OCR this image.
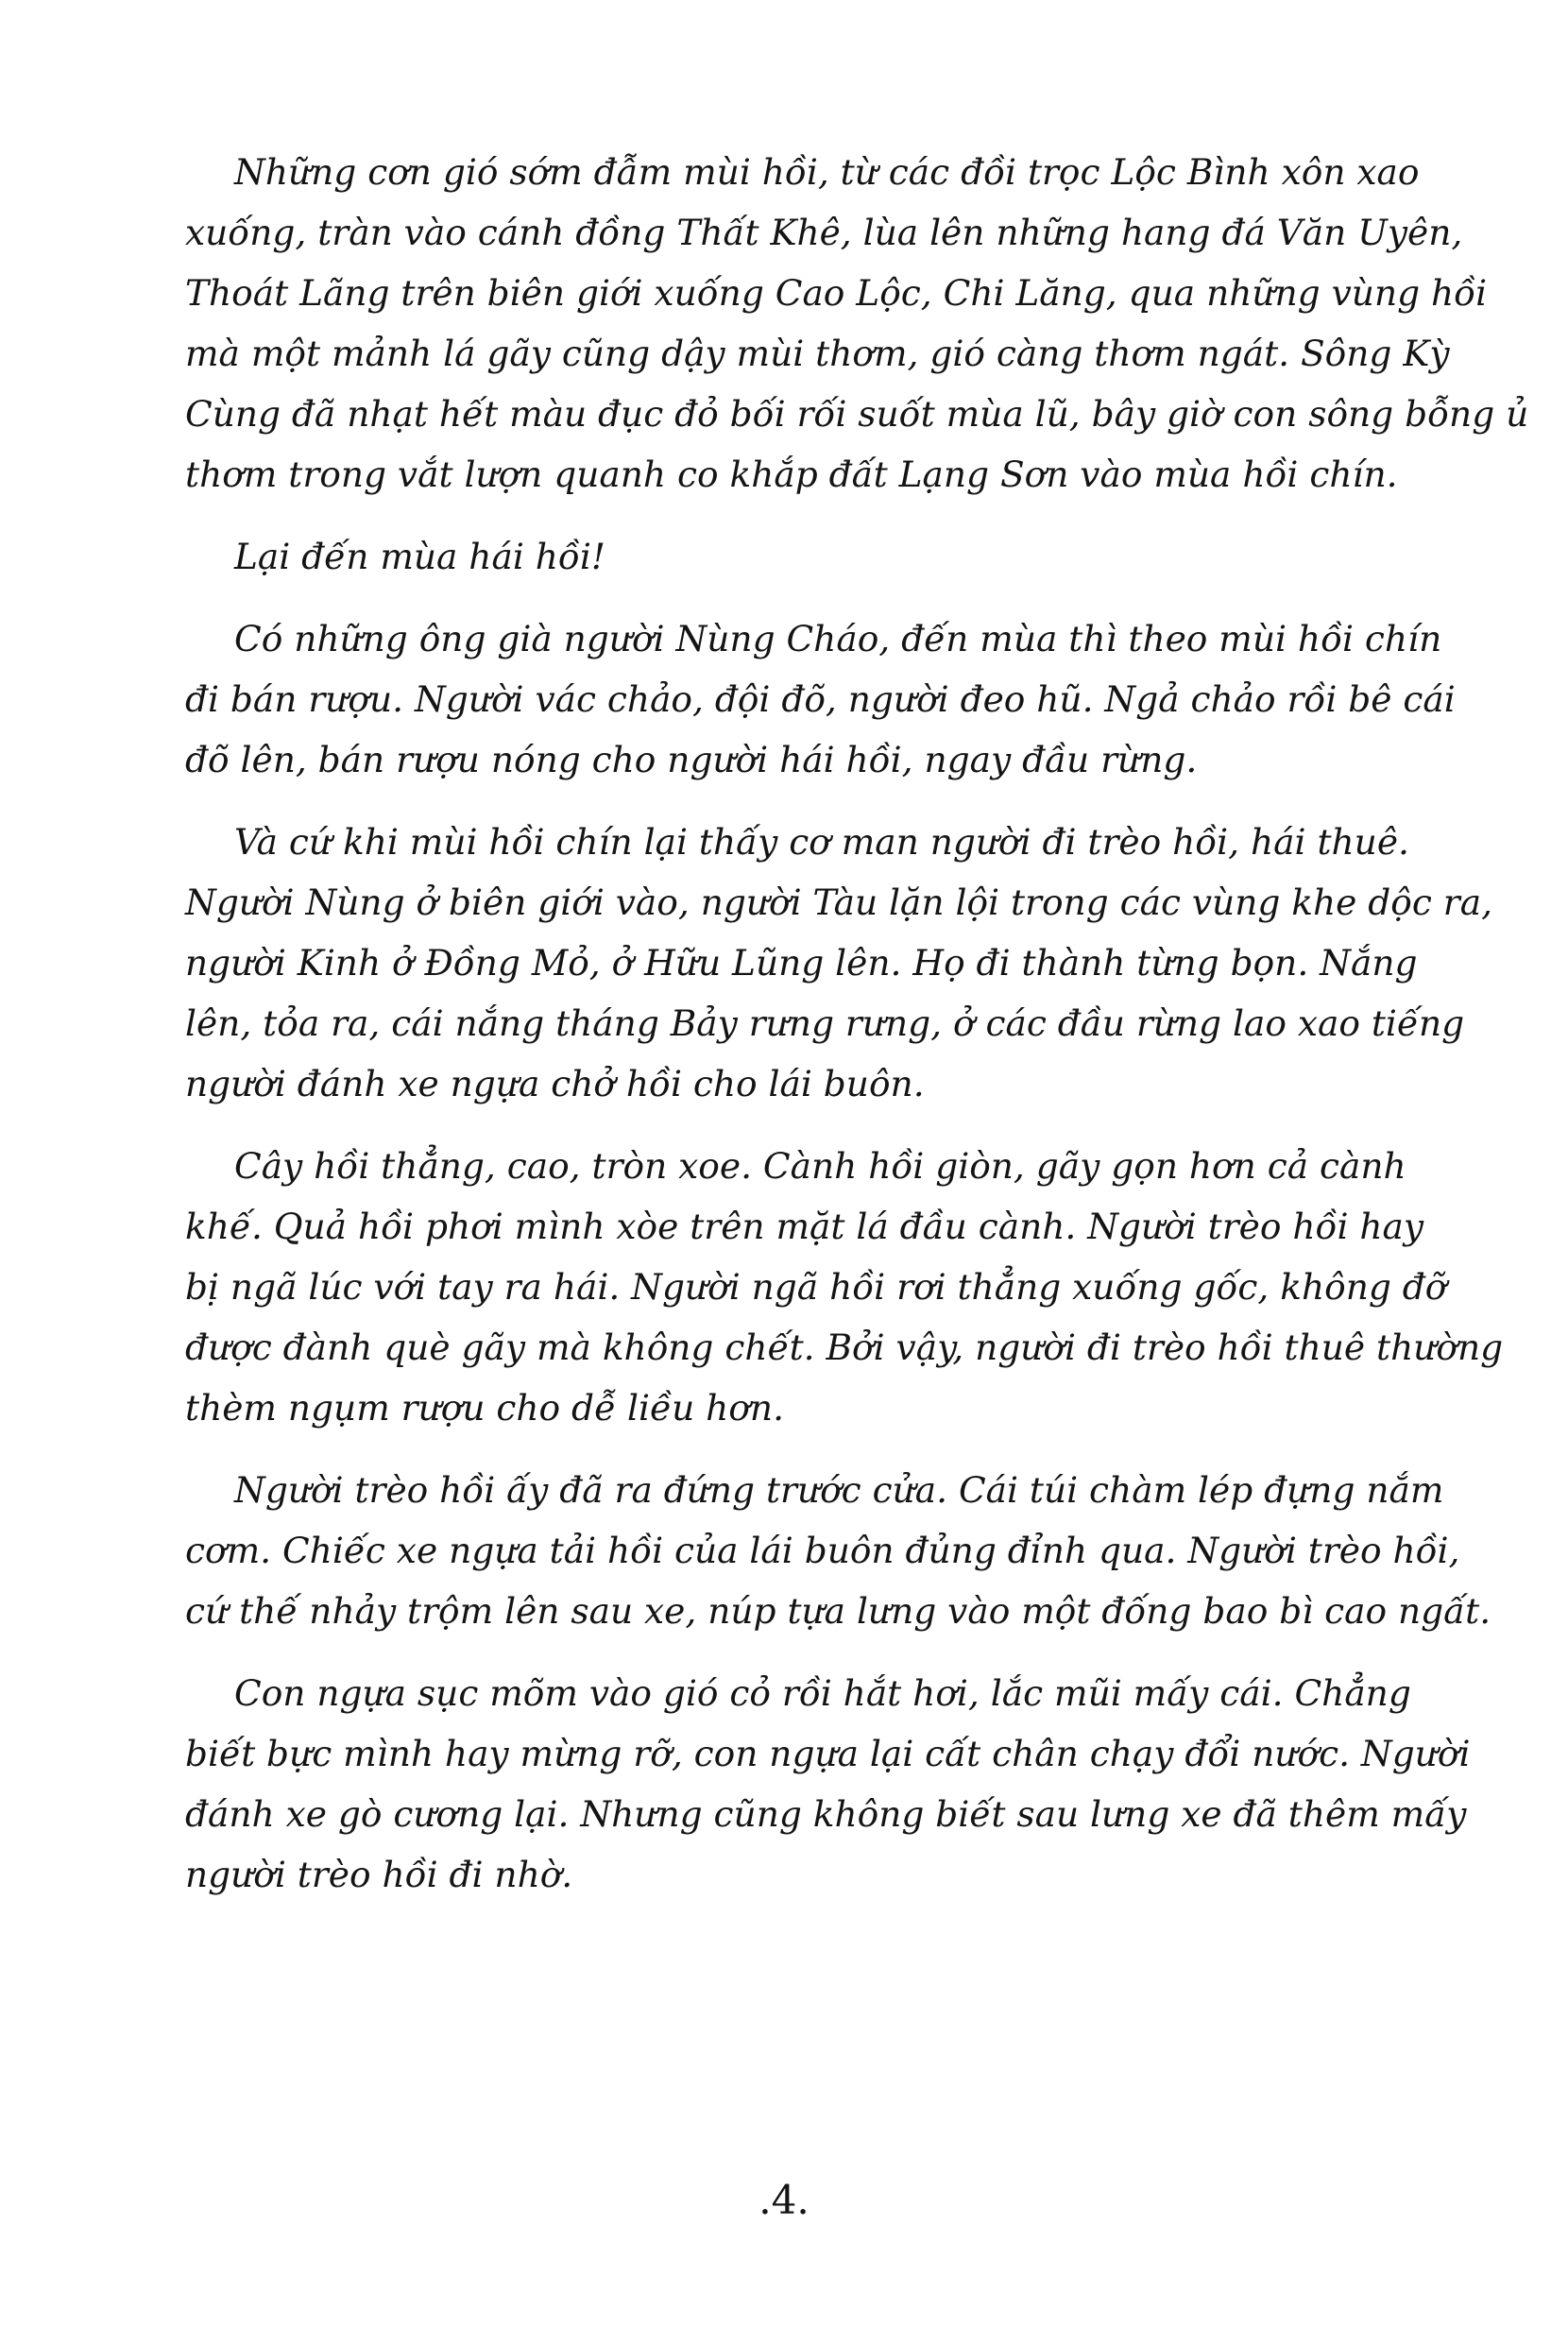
Những cơn gió sớm đẫm mùi hồi, từ các đồi trọc Lộc Bình xôn xao
xuống, tràn vào cánh đồng Thất Khê, lùa lên những hang đá Văn Uyên,
Thoát Lãng trên biên giới xuống Cao Lộc, Chi Lăng, qua những vùng hồi
mà một mảnh lá gãy cũng dậy mùi thơm, gió càng thơm ngát. Sông Kỳ
Cùng đã nhạt hết màu đục đỏ bối rối suốt mùa lũ, bây giờ con sông bỗng ủ
thơm trong vắt lượn quanh co khắp đất Lạng Sơn vào mùa hồi chín.

Lại đến mùa hái hồi!

Có những ông già người Nùng Cháo, đến mùa thì theo mùi hồi chín
đi bán rượu. Người vác chảo, đội đõ, người đeo hũ. Ngả chảo rồi bê cái
đõ lên, bán rượu nóng cho người hái hồi, ngay đầu rừng.

Và cứ khi mùi hồi chín lại thấy cơ man người đi trèo hồi, hái thuê.
Người Nùng ở biên giới vào, người Tàu lặn lội trong các vùng khe dộc ra,
người Kinh ở Đồng Mỏ, ở Hữu Lũng lên. Họ đi thành từng bọn. Nắng
lên, tỏa ra, cái nắng tháng Bảy rưng rưng, ở các đầu rừng lao xao tiếng
người đánh xe ngựa chở hồi cho lái buôn.

Cây hồi thẳng, cao, tròn xoe. Cành hồi giòn, gãy gọn hơn cả cành
khế. Quả hồi phơi mình xòe trên mặt lá đầu cành. Người trèo hồi hay
bị ngã lúc với tay ra hái. Người ngã hồi rơi thẳng xuống gốc, không đỡ
được đành què gãy mà không chết. Bởi vậy, người đi trèo hồi thuê thường
thèm ngụm rượu cho dễ liều hơn.

Người trèo hồi ấy đã ra đứng trước cửa. Cái túi chàm lép đựng nắm
cơm. Chiếc xe ngựa tải hồi của lái buôn đủng đỉnh qua. Người trèo hồi,
cứ thế nhảy trộm lên sau xe, núp tựa lưng vào một đống bao bì cao ngất.

Con ngựa sục mõm vào gió cỏ rồi hắt hơi, lắc mũi mấy cái. Chẳng
biết bực mình hay mừng rỡ, con ngựa lại cất chân chạy đổi nước. Người
đánh xe gò cương lại. Nhưng cũng không biết sau lưng xe đã thêm mấy
người trèo hồi đi nhờ.

.4.
